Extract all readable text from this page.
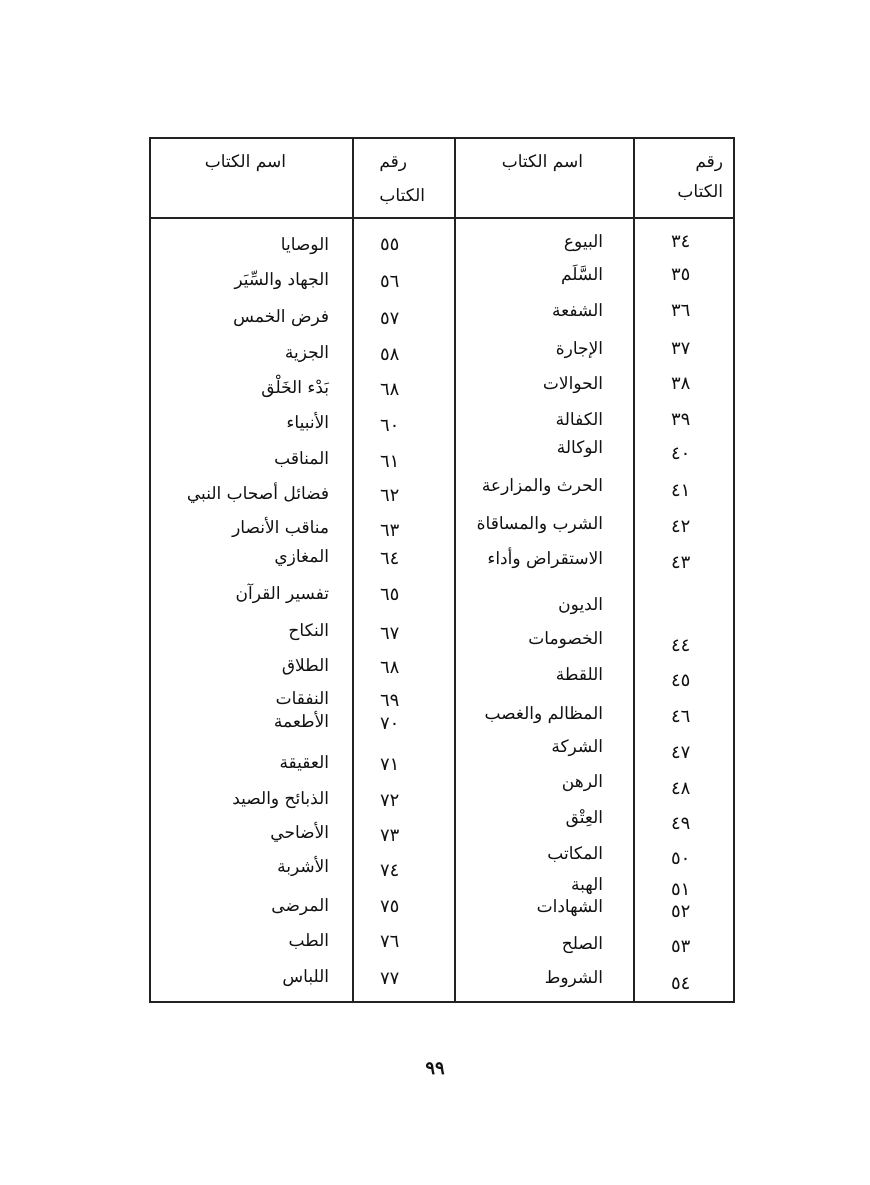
اسم الكتاب	رقم
الكتاب
اسم الكتاب	رقم
الكتاب
٣٤
البيوع
٣٥
السَّلَم
٣٦
الشفعة
٣٧
الإجارة
٣٨
الحوالات
٣٩
الكفالة
٤٠
الوكالة
٤١
الحرث والمزارعة
٤٢
الشرب والمساقاة
٤٣
الاستقراض وأداء
الديون
٤٤
الخصومات
٤٥
اللقطة
٤٦
المظالم والغصب
٤٧
الشركة
٤٨
الرهن
٤٩
العِتْق
٥٠
المكاتب
٥١
الهبة
٥٢
الشهادات
٥٣
الصلح
٥٤
الشروط
٥٥
الوصايا
٥٦
الجهاد والسِّيَر
٥٧
فرض الخمس
٥٨
الجزية
٦٨
بَدْء الخَلْق
٦٠
الأنبياء
٦١
المناقب
٦٢
فضائل أصحاب النبي
٦٣
مناقب الأنصار
٦٤
المغازي
٦٥
تفسير القرآن
٦٧
النكاح
٦٨
الطلاق
٦٩
النفقات
٧٠
الأطعمة
٧١
العقيقة
٧٢
الذبائح والصيد
٧٣
الأضاحي
٧٤
الأشربة
٧٥
المرضى
٧٦
الطب
٧٧
اللباس
٩٩
